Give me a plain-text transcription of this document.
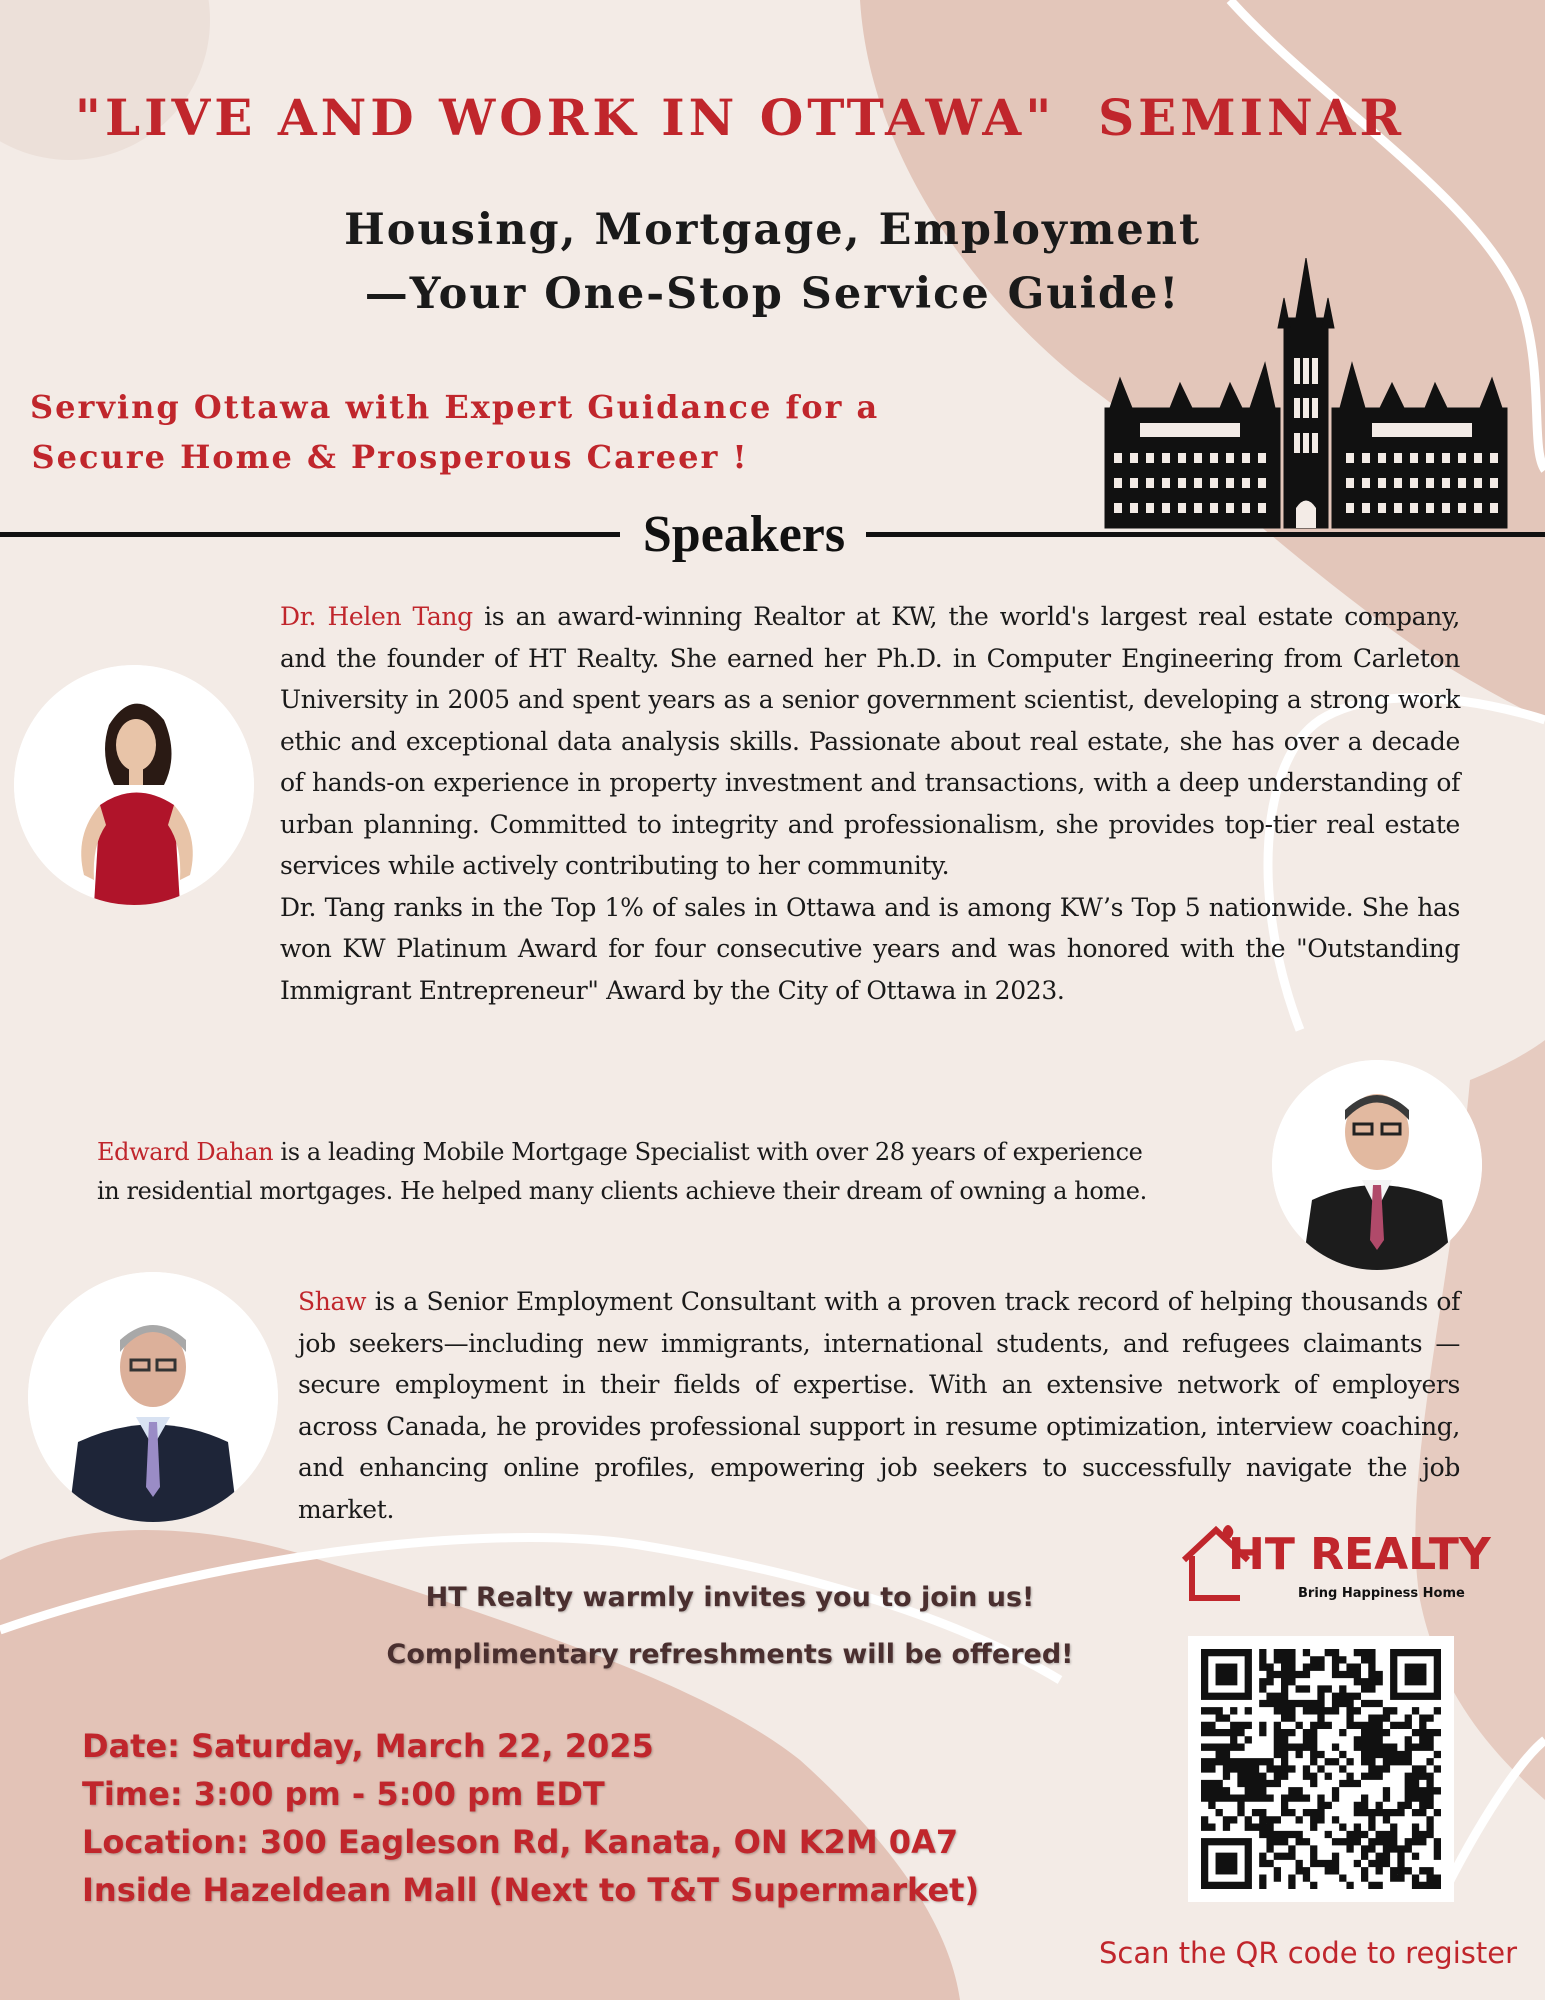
"LIVE AND WORK IN OTTAWA"  SEMINAR
Housing, Mortgage, Employment
—Your One-Stop Service Guide!
Serving Ottawa with Expert Guidance for a
Secure Home & Prosperous Career !
Speakers

Dr. Helen Tang is an award-winning Realtor at KW, the world's largest real estate company, and the founder of HT Realty. She earned her Ph.D. in Computer Engineering from Carleton University in 2005 and spent years as a senior government scientist, developing a strong work ethic and exceptional data analysis skills. Passionate about real estate, she has over a decade of hands-on experience in property investment and transactions, with a deep understanding of urban planning. Committed to integrity and professionalism, she provides top-tier real estate services while actively contributing to her community.

Dr. Tang ranks in the Top 1% of sales in Ottawa and is among KW’s Top 5 nationwide. She has won KW Platinum Award for four consecutive years and was honored with the "Outstanding Immigrant Entrepreneur" Award by the City of Ottawa in 2023.

Edward Dahan is a leading Mobile Mortgage Specialist with over 28 years of experience

in residential mortgages. He helped many clients achieve their dream of owning a home.

Shaw is a Senior Employment Consultant with a proven track record of helping thousands of job seekers—including new immigrants, international students, and refugees claimants — secure employment in their fields of expertise. With an extensive network of employers across Canada, he provides professional support in resume optimization, interview coaching, and enhancing online profiles, empowering job seekers to successfully navigate the job market.

HT REALTY
Bring Happiness Home
HT Realty warmly invites you to join us!
Complimentary refreshments will be offered!
Date: Saturday, March 22, 2025
Time: 3:00 pm - 5:00 pm EDT
Location: 300 Eagleson Rd, Kanata, ON K2M 0A7
Inside Hazeldean Mall (Next to T&T Supermarket)
Scan the QR code to register
